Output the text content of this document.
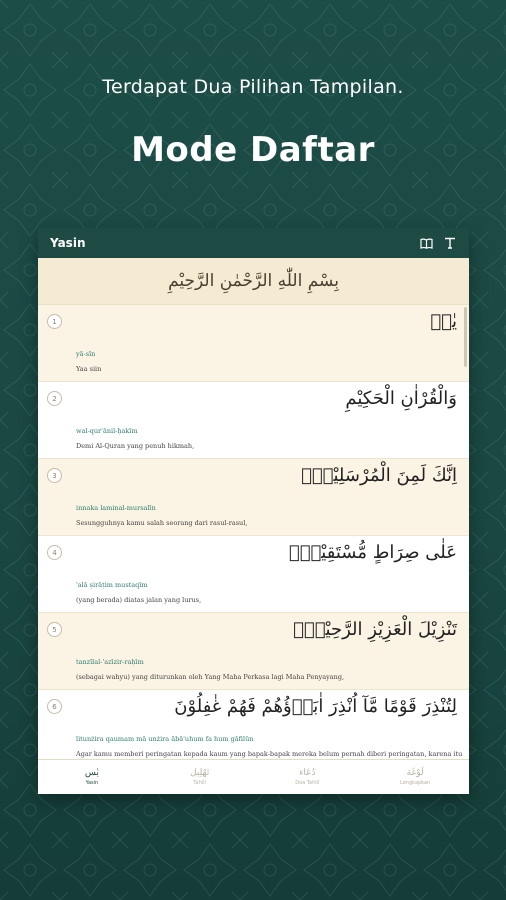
Terdapat Dua Pilihan Tampilan.
Mode Daftar
Yasin
بِسْمِ اللّٰهِ الرَّحْمٰنِ الرَّحِيْمِ
1	يٰسۤ
yā-sīn
Yaa siin
2	وَالْقُرْاٰنِ الْحَكِيْمِ
wal-qur'ānil-ḥakīm
Demi Al-Quran yang penuh hikmah,
3	اِنَّكَ لَمِنَ الْمُرْسَلِيْنَۙ
innaka laminal-mursalīn
Sesungguhnya kamu salah seorang dari rasul-rasul,
4	عَلٰى صِرَاطٍ مُّسْتَقِيْمٍۗ
'alā ṣirāṭim mustaqīm
(yang berada) diatas jalan yang lurus,
5	تَنْزِيْلَ الْعَزِيْزِ الرَّحِيْمِۙ
tanzīlal-'azīzir-raḥīm
(sebagai wahyu) yang diturunkan oleh Yang Maha Perkasa lagi Maha Penyayang,
6	لِتُنْذِرَ قَوْمًا مَّآ اُنْذِرَ اٰبَاۤؤُهُمْ فَهُمْ غٰفِلُوْنَ
litunżira qaumam mā unżira ābā'uhum fa hum gāfilūn
Agar kamu memberi peringatan kepada kaum yang bapak-bapak mereka belum pernah diberi peringatan, karena itu
يٰس
Yasin
تَهْلِيل
Tahlil
دُعَاء
Doa Tahlil
لَوْغَة
Lengkapkan
